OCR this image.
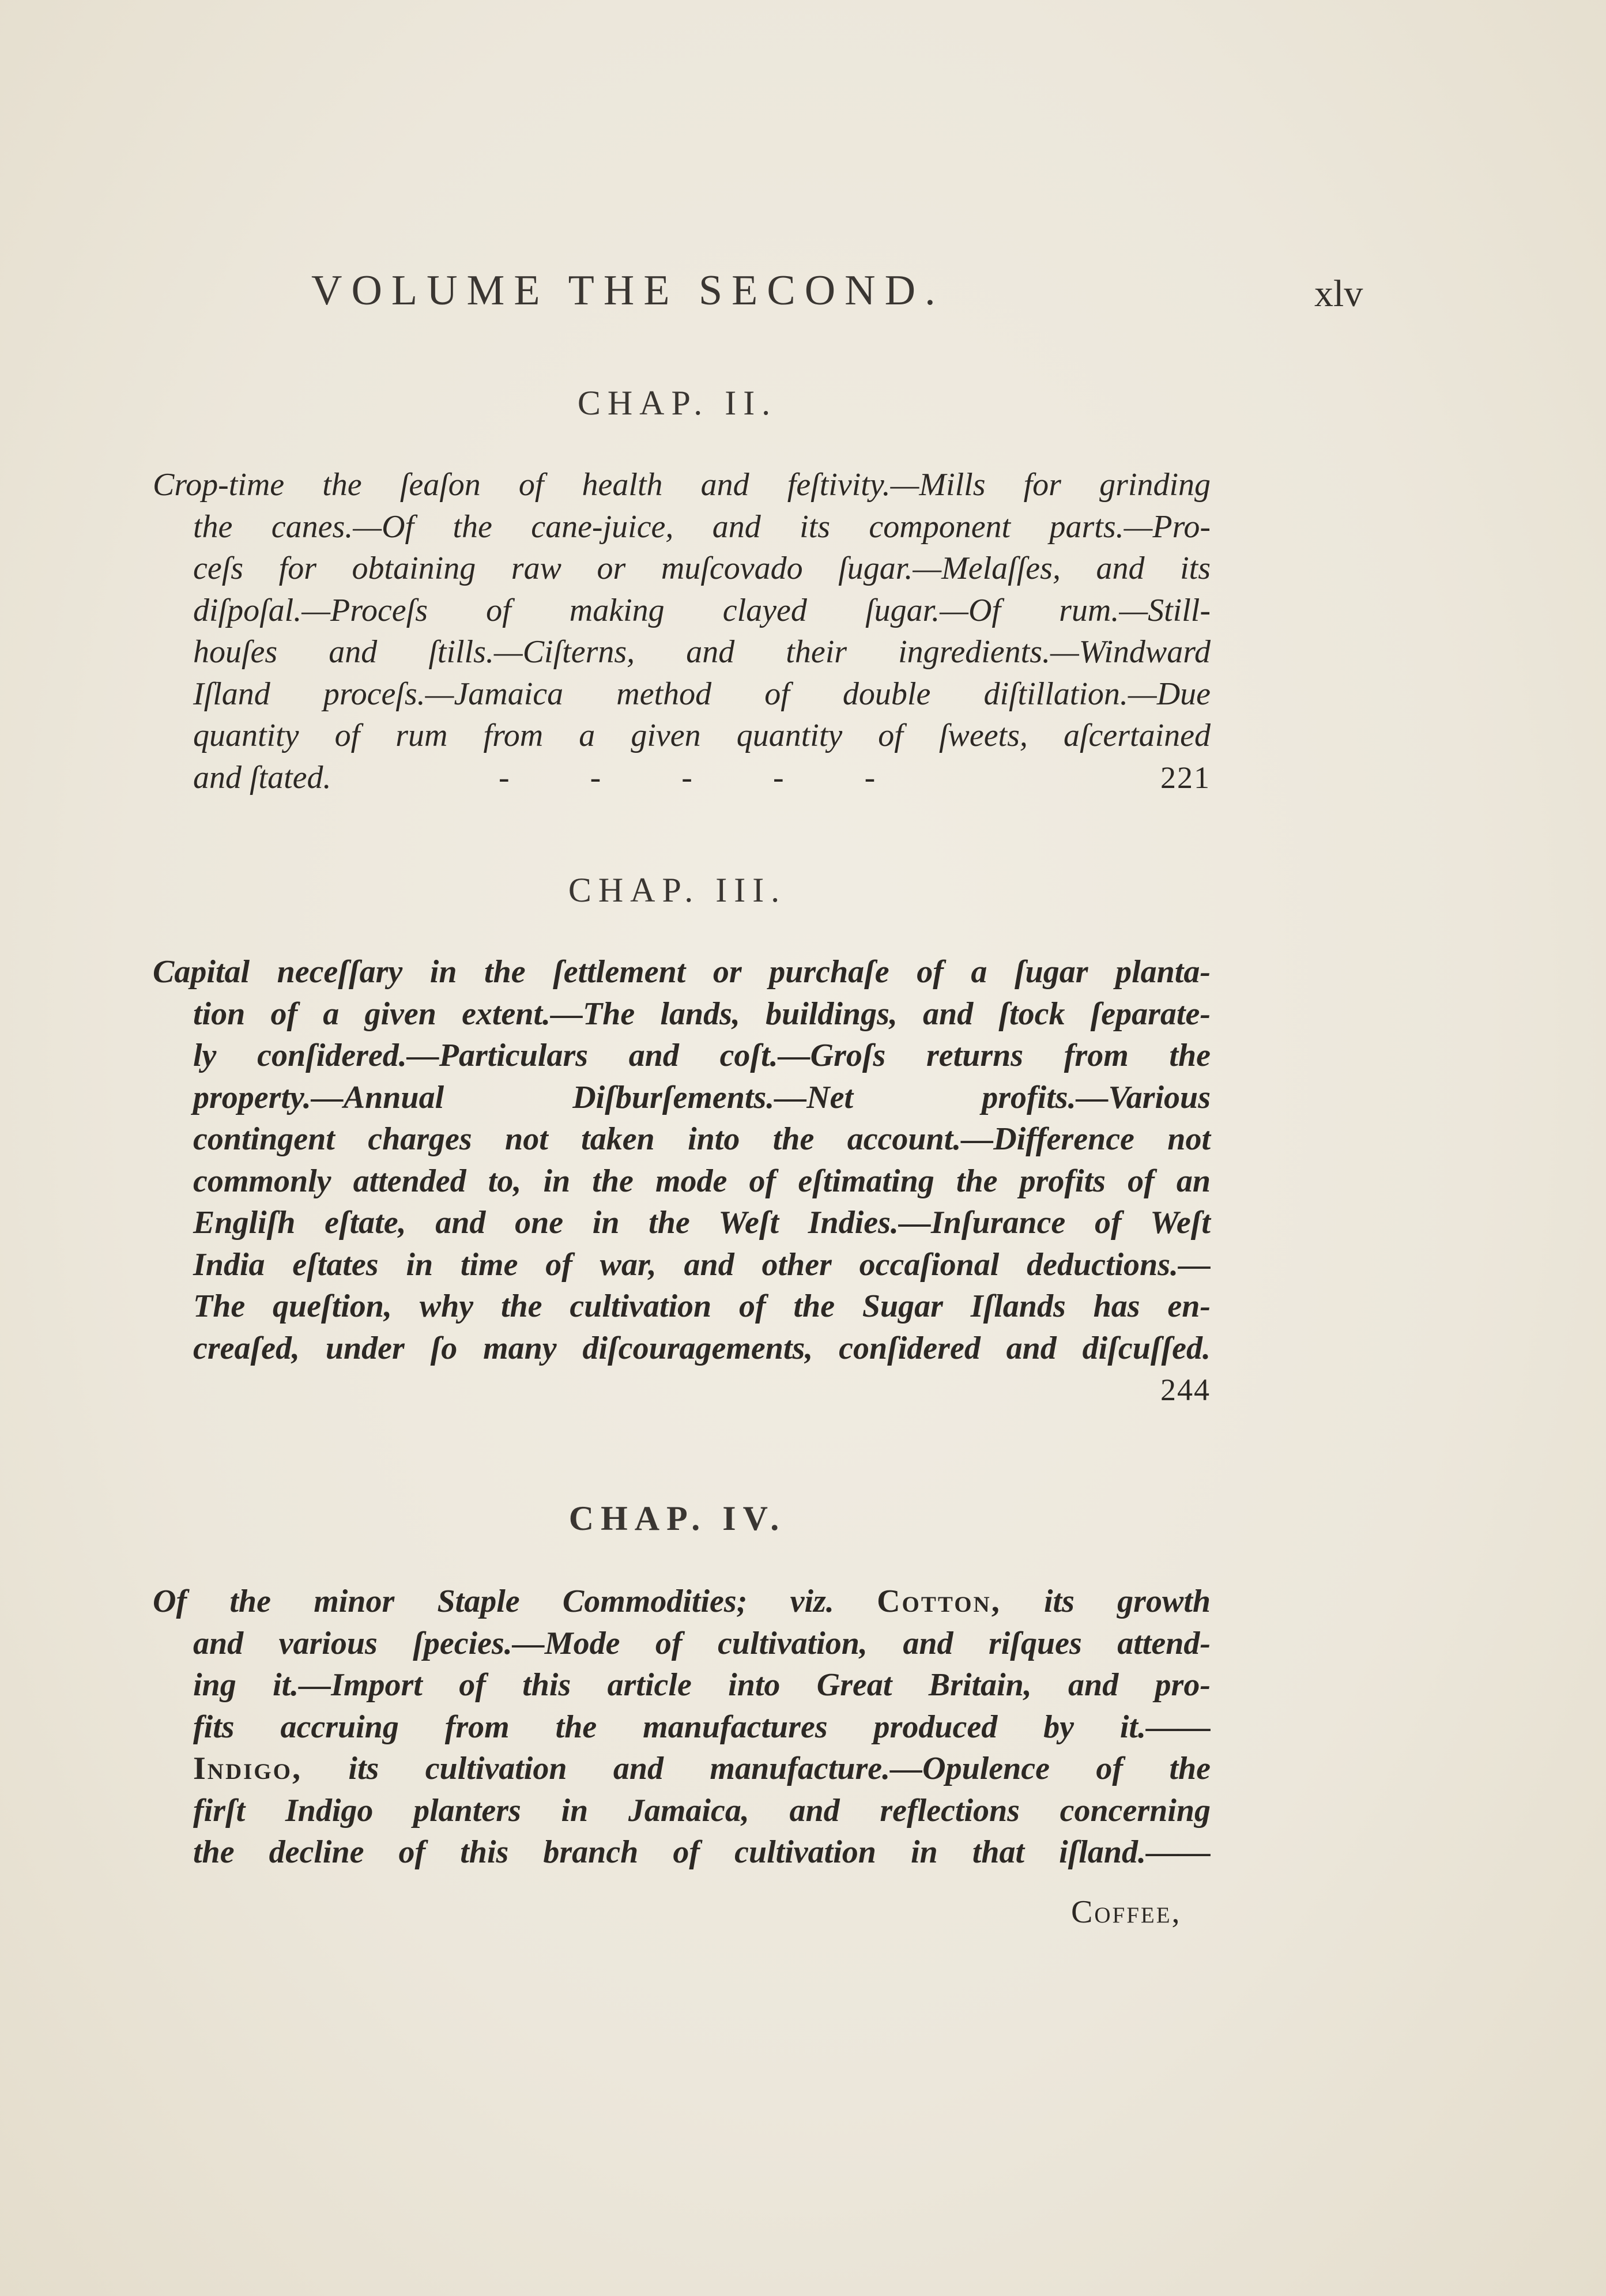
VOLUME THE SECOND.	xlv
CHAP. II.
Crop-time the ſeaſon of health and feſtivity.—Mills for grinding
the canes.—Of the cane-juice, and its component parts.—Pro-
ceſs for obtaining raw or muſcovado ſugar.—Melaſſes, and its
diſpoſal.—Proceſs of making clayed ſugar.—Of rum.—Still-
houſes and ſtills.—Ciſterns, and their ingredients.—Windward
Iſland proceſs.—Jamaica method of double diſtillation.—Due
quantity of rum from a given quantity of ſweets, aſcertained
and ſtated.	-          -          -          -          -	221
CHAP. III.
Capital neceſſary in the ſettlement or purchaſe of a ſugar planta-
tion of a given extent.—The lands, buildings, and ſtock ſeparate-
ly conſidered.—Particulars and coſt.—Groſs returns from the
property.—Annual Diſburſements.—Net profits.—Various
contingent charges not taken into the account.—Difference not
commonly attended to, in the mode of eſtimating the profits of an
Engliſh eſtate, and one in the Weſt Indies.—Inſurance of Weſt
India eſtates in time of war, and other occaſional deductions.—
The queſtion, why the cultivation of the Sugar Iſlands has en-
creaſed, under ſo many diſcouragements, conſidered and diſcuſſed.
244
CHAP. IV.
Of the minor Staple Commodities; viz. Cotton, its growth
and various ſpecies.—Mode of cultivation, and riſques attend-
ing it.—Import of this article into Great Britain, and pro-
fits accruing from the manufactures produced by it.——
Indigo, its cultivation and manufacture.—Opulence of the
firſt Indigo planters in Jamaica, and reflections concerning
the decline of this branch of cultivation in that iſland.——
Coffee,
